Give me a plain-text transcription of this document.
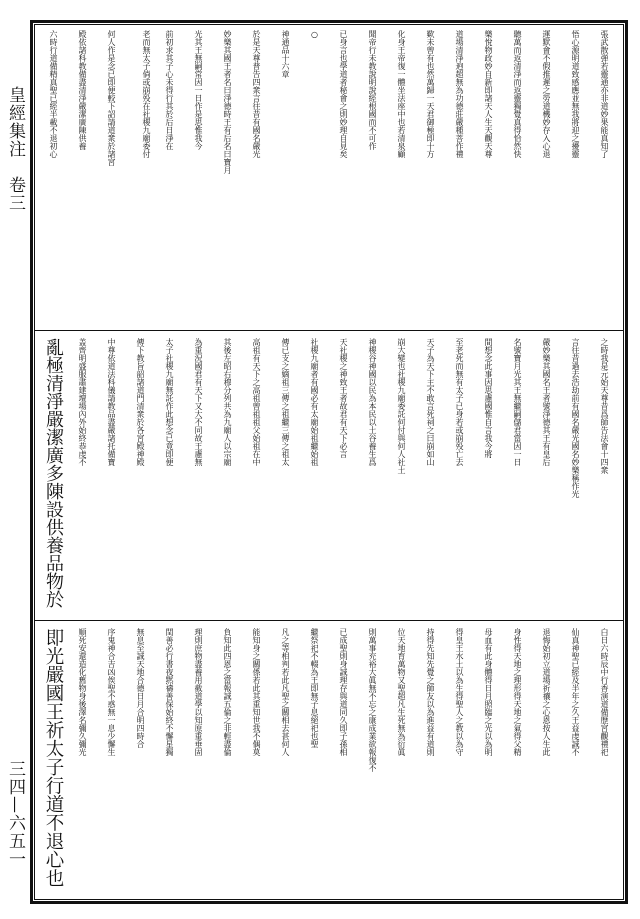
皇經集注　卷三
三四—六五一
張武散弹若靈通亦非道妙果能真知了
悟心源明道致感應並無我將迎之擾靈
運默會不假推遲之勞道機妙存入心退
聽萬而返清淨而返靈獨覺真得恰然快
樂悅物政妙自新即諸天人生天觀天尊
道場清淨逈超無為功德莊嚴種菩作禮
歎未曾有也然萬歸一天君御極即十方
化身王帝復一體坐法座中也若清泉顧
聞帝行未教說明說經根國而不可作
已身言也學道者秘會之則妙理自見矣
○
神通品十六章
於是天尊普告四衆言往昔有國名嚴光
妙樂其國王者名曰淨德時王有后名曰寶月
光其王無嗣常因一日作是思惟我今
前初求其子心未得行其於后日淨在
老而無太子倘或崩殁在社稷九廟委付
何人作是念已即便較下詔請道衆於諸宮
殿依諸科教備盡清淨嚴潔廣陳供養
六時行道備精真聖已經半載不退初心
之時我是元始天尊昔爲師告法會十四衆
言往昔過去浩劫前有國名嚴光國名妙樂稱作光
嚴妙樂其國名王者號淨德其王有皇后
名號寶月光其王無繼嗣儲君當因一日
間想念此事因思慮國惟自言我今將
至老死而無有太子已身若或崩殁亡去
天子為天下主不敢言死祠之曰崩如山
崩大變也社稷九廟委託何付與何人社土
神稷谷神國以民為本民以土谷養生爲
天社稷之神致王者故君有天下必言
社稷九廟者有國必有太廟始祖繼始祖
傳已支之嫡祖三傳之祖繼三傳之祖太
高祖有天下之高祖曾祖祖父始祖在中
其後左昭右穆分列共為九廟人以宗廟
為重況國君有天下又大不同故王慮無
太子社稷九廟無託作此想念已竟即便
傳下教旨韶諸道門清衆於各宮殿神殿
中尊依道法科儀請教品盡嚴諸托備寶
盖齊明盛服肅建壇場內外始終恭虔不
亂極清淨嚴潔廣多陳設供養品物於
白日六時辰中行香演道備歷宮觀禮祀
仙真神聖已經及半年之久王益虔誠不
退悔始初立道場祈禳之心恩按人生此
身性得天地之理形得天地之氣得父精
母血有此身體得日月照臨之光以為明
得皇王水土以為生得聖人之教以為守
持得先知先覺之師友以為進益有道則
位天地育萬物又聖超凡生死無為衍眞
則萬事充裕大眞無不忘之康成業欲報復不
已成聖則身誠理存與道同久即子孫相
繼祭祀不輟為王即無子息絕祀也聖
凡之等相判若此凡聖之關相去甚何人
能知身之關係若此其重知世我不偶莫
負知此四恩之當報誠五倫之非輕盡倫
理則庶物盡養用截道學以知原重垂固
閏善必行書夜黙禱善保始終不懈星獨
無息至誠天地合德日月合明四時合
序鬼神合吉凶俟聖不惑無一息少懈生
順死安還造化舊物身後澤名彌久彌光
即光嚴國王祈太子行道不退心也
